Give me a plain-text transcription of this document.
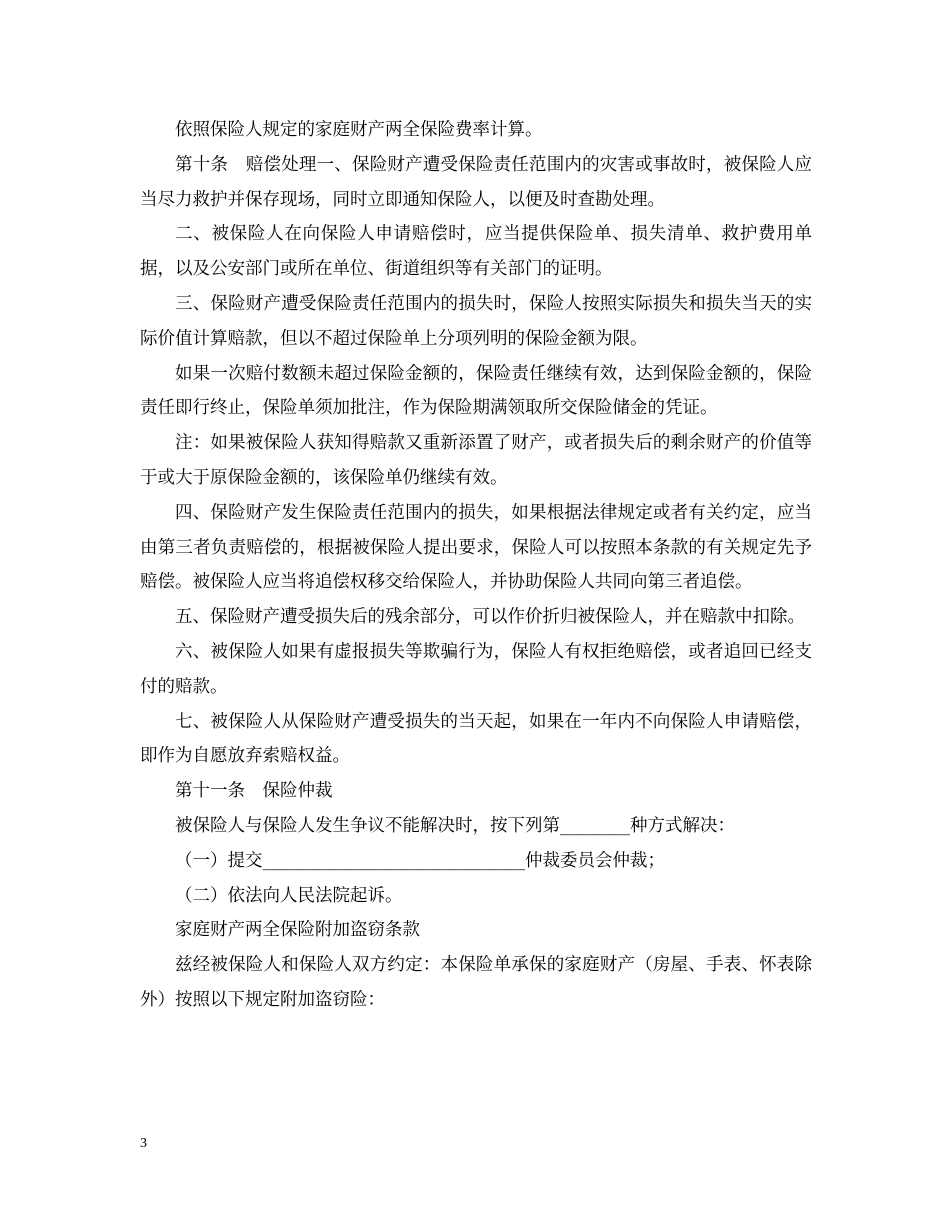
依照保险人规定的家庭财产两全保险费率计算。

第十条　赔偿处理一、保险财产遭受保险责任范围内的灾害或事故时，被保险人应当尽力救护并保存现场，同时立即通知保险人，以便及时查勘处理。

二、被保险人在向保险人申请赔偿时，应当提供保险单、损失清单、救护费用单据，以及公安部门或所在单位、街道组织等有关部门的证明。

三、保险财产遭受保险责任范围内的损失时，保险人按照实际损失和损失当天的实际价值计算赔款，但以不超过保险单上分项列明的保险金额为限。

如果一次赔付数额未超过保险金额的，保险责任继续有效，达到保险金额的，保险责任即行终止，保险单须加批注，作为保险期满领取所交保险储金的凭证。

注：如果被保险人获知得赔款又重新添置了财产，或者损失后的剩余财产的价值等于或大于原保险金额的，该保险单仍继续有效。

四、保险财产发生保险责任范围内的损失，如果根据法律规定或者有关约定，应当由第三者负责赔偿的，根据被保险人提出要求，保险人可以按照本条款的有关规定先予赔偿。被保险人应当将追偿权移交给保险人，并协助保险人共同向第三者追偿。

五、保险财产遭受损失后的残余部分，可以作价折归被保险人，并在赔款中扣除。

六、被保险人如果有虚报损失等欺骗行为，保险人有权拒绝赔偿，或者追回已经支付的赔款。

七、被保险人从保险财产遭受损失的当天起，如果在一年内不向保险人申请赔偿，即作为自愿放弃索赔权益。

第十一条　保险仲裁

被保险人与保险人发生争议不能解决时，按下列第________种方式解决：

（一）提交______________________________仲裁委员会仲裁；

（二）依法向人民法院起诉。

家庭财产两全保险附加盗窃条款

兹经被保险人和保险人双方约定：本保险单承保的家庭财产（房屋、手表、怀表除外）按照以下规定附加盗窃险：

3
